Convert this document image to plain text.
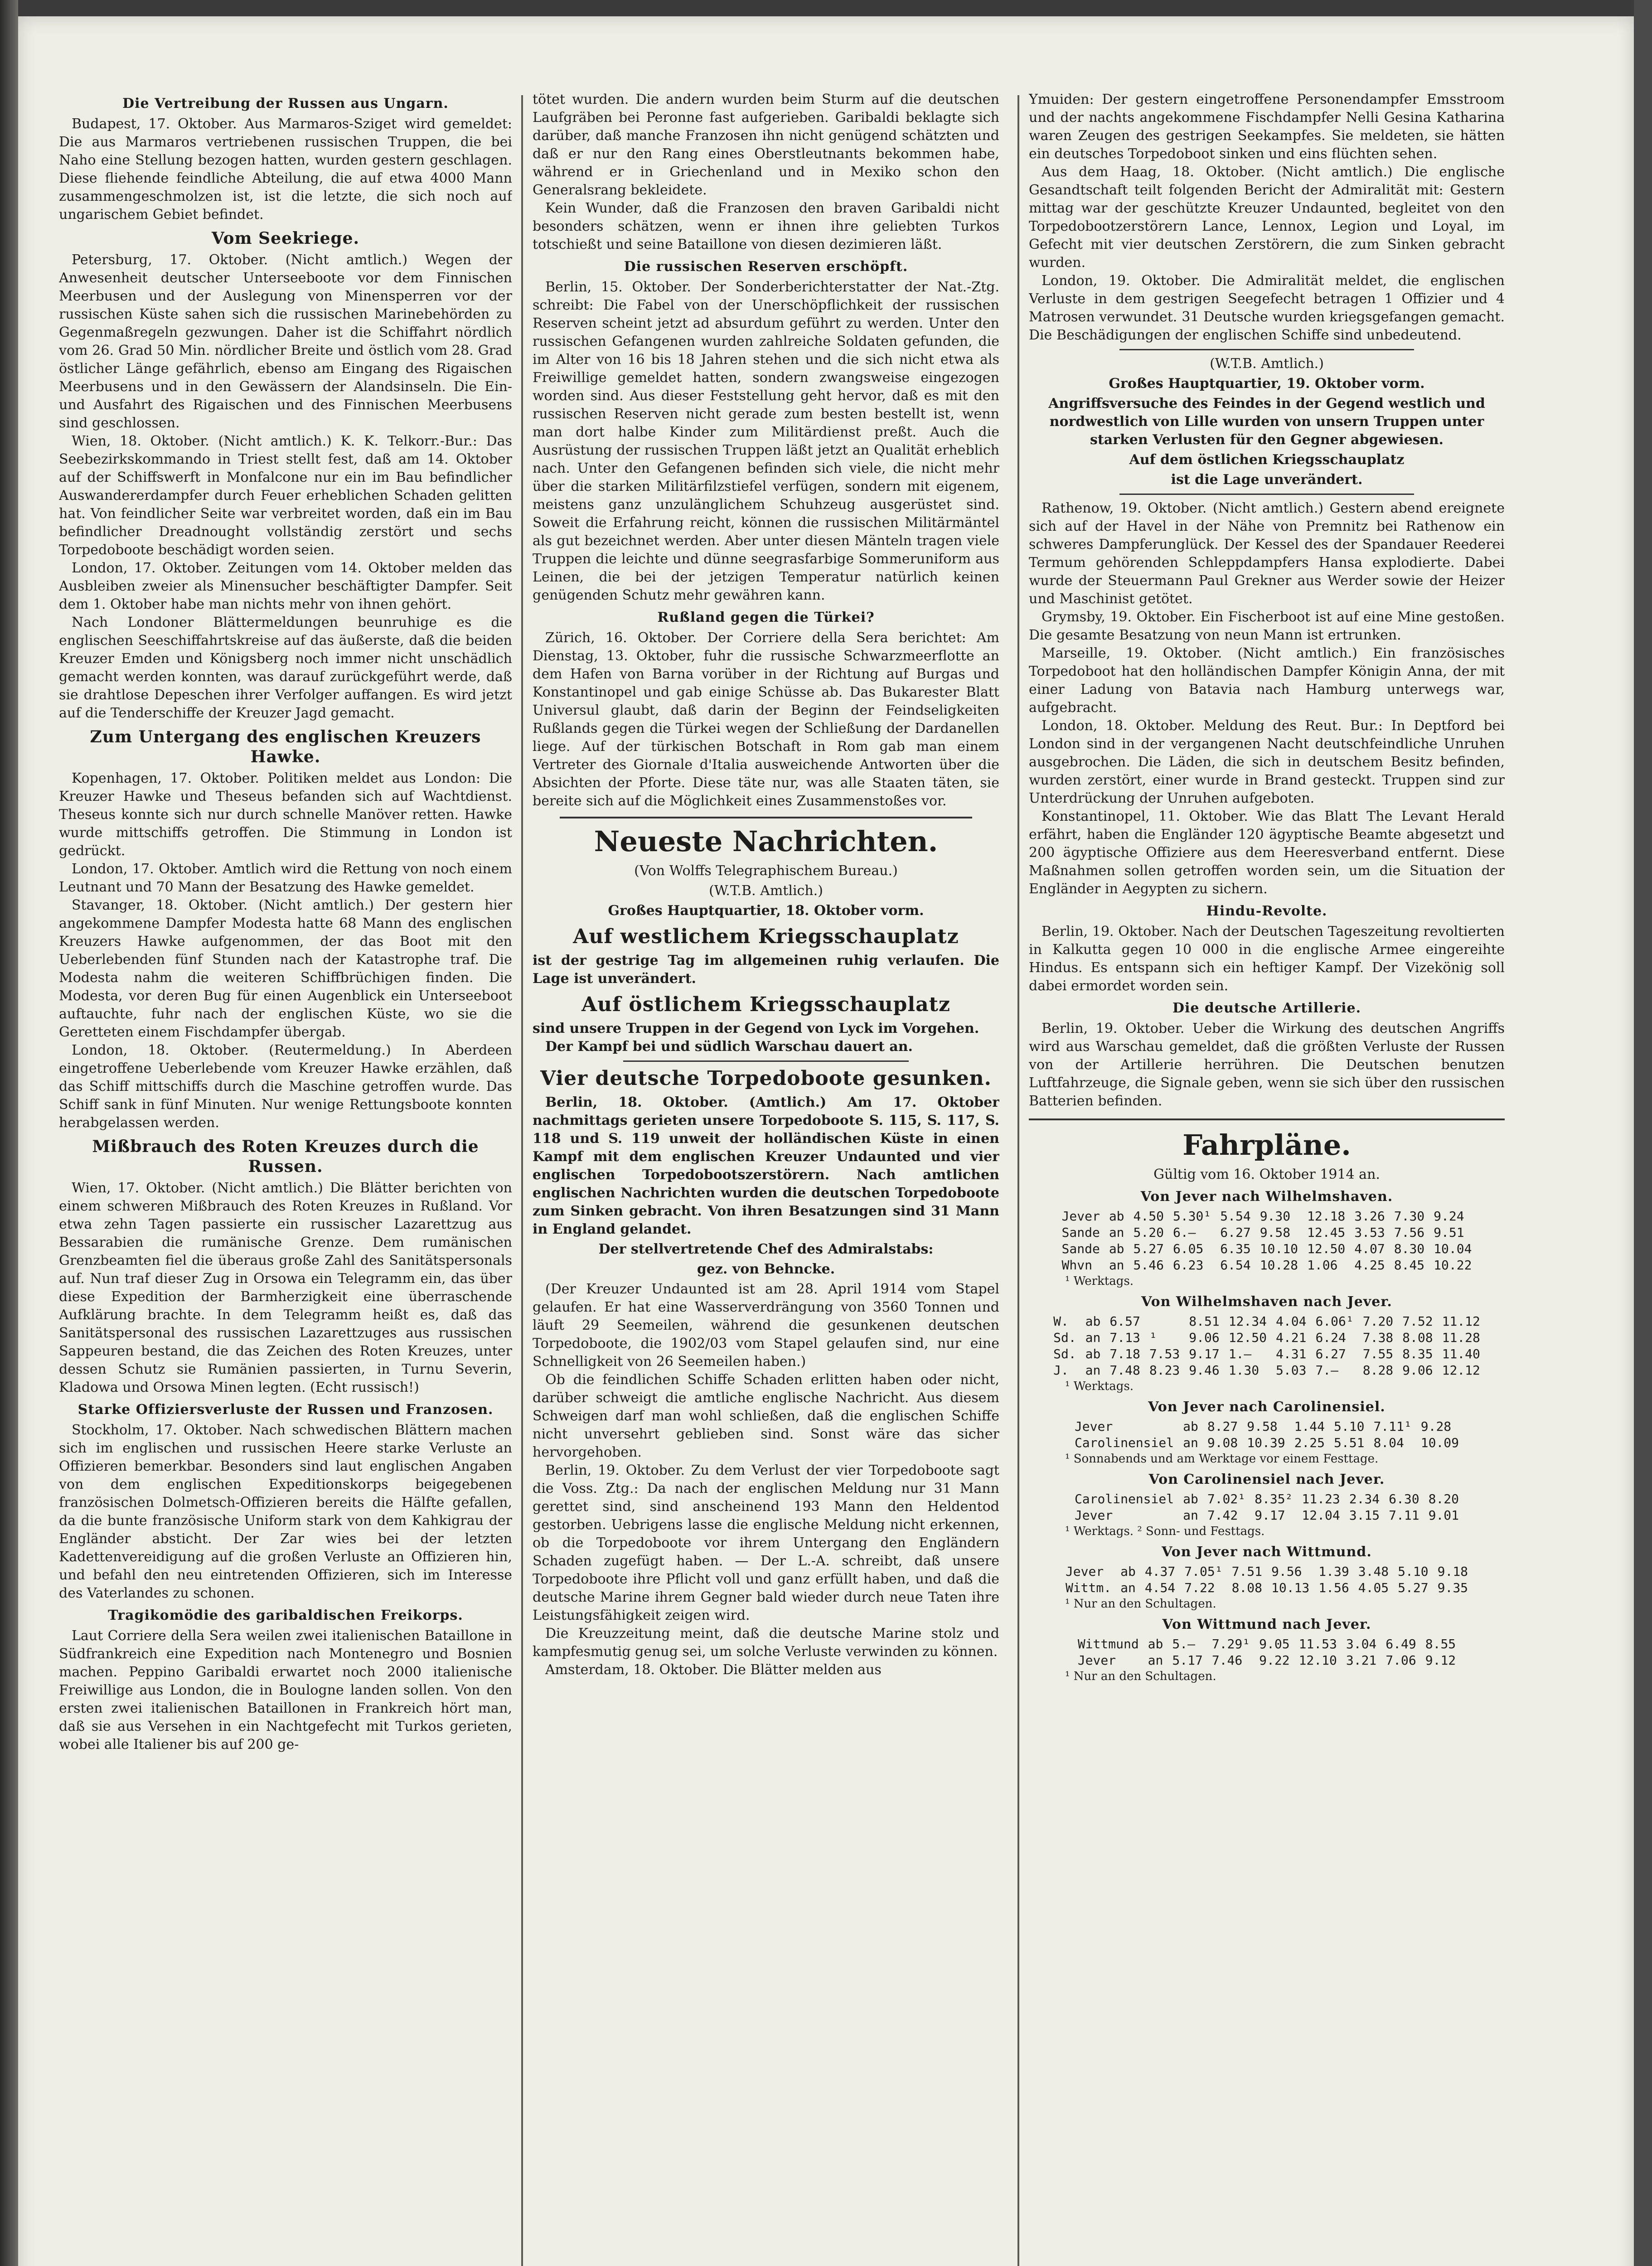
Die Vertreibung der Russen aus Ungarn.

Budapest, 17. Oktober. Aus Marmaros-Sziget wird gemeldet: Die aus Marmaros vertriebenen russischen Truppen, die bei Naho eine Stellung bezogen hatten, wurden gestern geschlagen. Diese fliehende feindliche Abteilung, die auf etwa 4000 Mann zusammengeschmolzen ist, ist die letzte, die sich noch auf ungarischem Gebiet befindet.

Vom Seekriege.

Petersburg, 17. Oktober. (Nicht amtlich.) Wegen der Anwesenheit deutscher Unterseeboote vor dem Finnischen Meerbusen und der Auslegung von Minensperren vor der russischen Küste sahen sich die russischen Marinebehörden zu Gegenmaßregeln gezwungen. Daher ist die Schiffahrt nördlich vom 26. Grad 50 Min. nördlicher Breite und östlich vom 28. Grad östlicher Länge gefährlich, ebenso am Eingang des Rigaischen Meerbusens und in den Gewässern der Alandsinseln. Die Ein- und Ausfahrt des Rigaischen und des Finnischen Meerbusens sind geschlossen.

Wien, 18. Oktober. (Nicht amtlich.) K. K. Telkorr.-Bur.: Das Seebezirkskommando in Triest stellt fest, daß am 14. Oktober auf der Schiffswerft in Monfalcone nur ein im Bau befindlicher Auswandererdampfer durch Feuer erheblichen Schaden gelitten hat. Von feindlicher Seite war verbreitet worden, daß ein im Bau befindlicher Dreadnought vollständig zerstört und sechs Torpedoboote beschädigt worden seien.

London, 17. Oktober. Zeitungen vom 14. Oktober melden das Ausbleiben zweier als Minensucher beschäftigter Dampfer. Seit dem 1. Oktober habe man nichts mehr von ihnen gehört.

Nach Londoner Blättermeldungen beunruhige es die englischen Seeschiffahrtskreise auf das äußerste, daß die beiden Kreuzer Emden und Königsberg noch immer nicht unschädlich gemacht werden konnten, was darauf zurückgeführt werde, daß sie drahtlose Depeschen ihrer Verfolger auffangen. Es wird jetzt auf die Tenderschiffe der Kreuzer Jagd gemacht.

Zum Untergang des englischen Kreuzers Hawke.

Kopenhagen, 17. Oktober. Politiken meldet aus London: Die Kreuzer Hawke und Theseus befanden sich auf Wachtdienst. Theseus konnte sich nur durch schnelle Manöver retten. Hawke wurde mittschiffs getroffen. Die Stimmung in London ist gedrückt.

London, 17. Oktober. Amtlich wird die Rettung von noch einem Leutnant und 70 Mann der Besatzung des Hawke gemeldet.

Stavanger, 18. Oktober. (Nicht amtlich.) Der gestern hier angekommene Dampfer Modesta hatte 68 Mann des englischen Kreuzers Hawke aufgenommen, der das Boot mit den Ueberlebenden fünf Stunden nach der Katastrophe traf. Die Modesta nahm die weiteren Schiffbrüchigen finden. Die Modesta, vor deren Bug für einen Augenblick ein Unterseeboot auftauchte, fuhr nach der englischen Küste, wo sie die Geretteten einem Fischdampfer übergab.

London, 18. Oktober. (Reutermeldung.) In Aberdeen eingetroffene Ueberlebende vom Kreuzer Hawke erzählen, daß das Schiff mittschiffs durch die Maschine getroffen wurde. Das Schiff sank in fünf Minuten. Nur wenige Rettungsboote konnten herabgelassen werden.

Mißbrauch des Roten Kreuzes durch die Russen.

Wien, 17. Oktober. (Nicht amtlich.) Die Blätter berichten von einem schweren Mißbrauch des Roten Kreuzes in Rußland. Vor etwa zehn Tagen passierte ein russischer Lazarettzug aus Bessarabien die rumänische Grenze. Dem rumänischen Grenzbeamten fiel die überaus große Zahl des Sanitätspersonals auf. Nun traf dieser Zug in Orsowa ein Telegramm ein, das über diese Expedition der Barmherzigkeit eine überraschende Aufklärung brachte. In dem Telegramm heißt es, daß das Sanitätspersonal des russischen Lazarettzuges aus russischen Sappeuren bestand, die das Zeichen des Roten Kreuzes, unter dessen Schutz sie Rumänien passierten, in Turnu Severin, Kladowa und Orsowa Minen legten. (Echt russisch!)

Starke Offiziersverluste der Russen und Franzosen.

Stockholm, 17. Oktober. Nach schwedischen Blättern machen sich im englischen und russischen Heere starke Verluste an Offizieren bemerkbar. Besonders sind laut englischen Angaben von dem englischen Expeditionskorps beigegebenen französischen Dolmetsch-Offizieren bereits die Hälfte gefallen, da die bunte französische Uniform stark von dem Kahkigrau der Engländer absticht. Der Zar wies bei der letzten Kadettenvereidigung auf die großen Verluste an Offizieren hin, und befahl den neu eintretenden Offizieren, sich im Interesse des Vaterlandes zu schonen.

Tragikomödie des garibaldischen Freikorps.

Laut Corriere della Sera weilen zwei italienischen Bataillone in Südfrankreich eine Expedition nach Montenegro und Bosnien machen. Peppino Garibaldi erwartet noch 2000 italienische Freiwillige aus London, die in Boulogne landen sollen. Von den ersten zwei italienischen Bataillonen in Frankreich hört man, daß sie aus Versehen in ein Nachtgefecht mit Turkos gerieten, wobei alle Italiener bis auf 200 ge-

tötet wurden. Die andern wurden beim Sturm auf die deutschen Laufgräben bei Peronne fast aufgerieben. Garibaldi beklagte sich darüber, daß manche Franzosen ihn nicht genügend schätzten und daß er nur den Rang eines Oberstleutnants bekommen habe, während er in Griechenland und in Mexiko schon den Generalsrang bekleidete.

Kein Wunder, daß die Franzosen den braven Garibaldi nicht besonders schätzen, wenn er ihnen ihre geliebten Turkos totschießt und seine Bataillone von diesen dezimieren läßt.

Die russischen Reserven erschöpft.

Berlin, 15. Oktober. Der Sonderberichterstatter der Nat.-Ztg. schreibt: Die Fabel von der Unerschöpflichkeit der russischen Reserven scheint jetzt ad absurdum geführt zu werden. Unter den russischen Gefangenen wurden zahlreiche Soldaten gefunden, die im Alter von 16 bis 18 Jahren stehen und die sich nicht etwa als Freiwillige gemeldet hatten, sondern zwangsweise eingezogen worden sind. Aus dieser Feststellung geht hervor, daß es mit den russischen Reserven nicht gerade zum besten bestellt ist, wenn man dort halbe Kinder zum Militärdienst preßt. Auch die Ausrüstung der russischen Truppen läßt jetzt an Qualität erheblich nach. Unter den Gefangenen befinden sich viele, die nicht mehr über die starken Militärfilzstiefel verfügen, sondern mit eigenem, meistens ganz unzulänglichem Schuhzeug ausgerüstet sind. Soweit die Erfahrung reicht, können die russischen Militärmäntel als gut bezeichnet werden. Aber unter diesen Mänteln tragen viele Truppen die leichte und dünne seegrasfarbige Sommeruniform aus Leinen, die bei der jetzigen Temperatur natürlich keinen genügenden Schutz mehr gewähren kann.

Rußland gegen die Türkei?

Zürich, 16. Oktober. Der Corriere della Sera berichtet: Am Dienstag, 13. Oktober, fuhr die russische Schwarzmeerflotte an dem Hafen von Barna vorüber in der Richtung auf Burgas und Konstantinopel und gab einige Schüsse ab. Das Bukarester Blatt Universul glaubt, daß darin der Beginn der Feindseligkeiten Rußlands gegen die Türkei wegen der Schließung der Dardanellen liege. Auf der türkischen Botschaft in Rom gab man einem Vertreter des Giornale d'Italia ausweichende Antworten über die Absichten der Pforte. Diese täte nur, was alle Staaten täten, sie bereite sich auf die Möglichkeit eines Zusammenstoßes vor.

Neueste Nachrichten.
(Von Wolffs Telegraphischem Bureau.)
(W.T.B. Amtlich.)
Großes Hauptquartier, 18. Oktober vorm.
Auf westlichem Kriegsschauplatz

ist der gestrige Tag im allgemeinen ruhig verlaufen. Die Lage ist unverändert.

Auf östlichem Kriegsschauplatz

sind unsere Truppen in der Gegend von Lyck im Vorgehen.

Der Kampf bei und südlich Warschau dauert an.

Vier deutsche Torpedoboote gesunken.

Berlin, 18. Oktober. (Amtlich.) Am 17. Oktober nachmittags gerieten unsere Torpedoboote S. 115, S. 117, S. 118 und S. 119 unweit der holländischen Küste in einen Kampf mit dem englischen Kreuzer Undaunted und vier englischen Torpedobootszerstörern. Nach amtlichen englischen Nachrichten wurden die deutschen Torpedoboote zum Sinken gebracht. Von ihren Besatzungen sind 31 Mann in England gelandet.

Der stellvertretende Chef des Admiralstabs:
gez. von Behncke.

(Der Kreuzer Undaunted ist am 28. April 1914 vom Stapel gelaufen. Er hat eine Wasserverdrängung von 3560 Tonnen und läuft 29 Seemeilen, während die gesunkenen deutschen Torpedoboote, die 1902/03 vom Stapel gelaufen sind, nur eine Schnelligkeit von 26 Seemeilen haben.)

Ob die feindlichen Schiffe Schaden erlitten haben oder nicht, darüber schweigt die amtliche englische Nachricht. Aus diesem Schweigen darf man wohl schließen, daß die englischen Schiffe nicht unversehrt geblieben sind. Sonst wäre das sicher hervorgehoben.

Berlin, 19. Oktober. Zu dem Verlust der vier Torpedoboote sagt die Voss. Ztg.: Da nach der englischen Meldung nur 31 Mann gerettet sind, sind anscheinend 193 Mann den Heldentod gestorben. Uebrigens lasse die englische Meldung nicht erkennen, ob die Torpedoboote vor ihrem Untergang den Engländern Schaden zugefügt haben. — Der L.-A. schreibt, daß unsere Torpedoboote ihre Pflicht voll und ganz erfüllt haben, und daß die deutsche Marine ihrem Gegner bald wieder durch neue Taten ihre Leistungsfähigkeit zeigen wird.

Die Kreuzzeitung meint, daß die deutsche Marine stolz und kampfesmutig genug sei, um solche Verluste verwinden zu können.

Amsterdam, 18. Oktober. Die Blätter melden aus

Ymuiden: Der gestern eingetroffene Personendampfer Emsstroom und der nachts angekommene Fischdampfer Nelli Gesina Katharina waren Zeugen des gestrigen Seekampfes. Sie meldeten, sie hätten ein deutsches Torpedoboot sinken und eins flüchten sehen.

Aus dem Haag, 18. Oktober. (Nicht amtlich.) Die englische Gesandtschaft teilt folgenden Bericht der Admiralität mit: Gestern mittag war der geschützte Kreuzer Undaunted, begleitet von den Torpedobootzerstörern Lance, Lennox, Legion und Loyal, im Gefecht mit vier deutschen Zerstörern, die zum Sinken gebracht wurden.

London, 19. Oktober. Die Admiralität meldet, die englischen Verluste in dem gestrigen Seegefecht betragen 1 Offizier und 4 Matrosen verwundet. 31 Deutsche wurden kriegsgefangen gemacht. Die Beschädigungen der englischen Schiffe sind unbedeutend.

(W.T.B. Amtlich.)
Großes Hauptquartier, 19. Oktober vorm.

Angriffsversuche des Feindes in der Gegend westlich und nordwestlich von Lille wurden von unsern Truppen unter starken Verlusten für den Gegner abgewiesen.

Auf dem östlichen Kriegsschauplatz
ist die Lage unverändert.

Rathenow, 19. Oktober. (Nicht amtlich.) Gestern abend ereignete sich auf der Havel in der Nähe von Premnitz bei Rathenow ein schweres Dampferunglück. Der Kessel des der Spandauer Reederei Termum gehörenden Schleppdampfers Hansa explodierte. Dabei wurde der Steuermann Paul Grekner aus Werder sowie der Heizer und Maschinist getötet.

Grymsby, 19. Oktober. Ein Fischerboot ist auf eine Mine gestoßen. Die gesamte Besatzung von neun Mann ist ertrunken.

Marseille, 19. Oktober. (Nicht amtlich.) Ein französisches Torpedoboot hat den holländischen Dampfer Königin Anna, der mit einer Ladung von Batavia nach Hamburg unterwegs war, aufgebracht.

London, 18. Oktober. Meldung des Reut. Bur.: In Deptford bei London sind in der vergangenen Nacht deutschfeindliche Unruhen ausgebrochen. Die Läden, die sich in deutschem Besitz befinden, wurden zerstört, einer wurde in Brand gesteckt. Truppen sind zur Unterdrückung der Unruhen aufgeboten.

Konstantinopel, 11. Oktober. Wie das Blatt The Levant Herald erfährt, haben die Engländer 120 ägyptische Beamte abgesetzt und 200 ägyptische Offiziere aus dem Heeresverband entfernt. Diese Maßnahmen sollen getroffen worden sein, um die Situation der Engländer in Aegypten zu sichern.

Hindu-Revolte.

Berlin, 19. Oktober. Nach der Deutschen Tageszeitung revoltierten in Kalkutta gegen 10 000 in die englische Armee eingereihte Hindus. Es entspann sich ein heftiger Kampf. Der Vizekönig soll dabei ermordet worden sein.

Die deutsche Artillerie.

Berlin, 19. Oktober. Ueber die Wirkung des deutschen Angriffs wird aus Warschau gemeldet, daß die größten Verluste der Russen von der Artillerie herrühren. Die Deutschen benutzen Luftfahrzeuge, die Signale geben, wenn sie sich über den russischen Batterien befinden.

Fahrpläne.
Gültig vom 16. Oktober 1914 an.
Von Jever nach Wilhelmshaven.
Jever	ab	4.50	5.30¹	5.54	9.30	12.18	3.26	7.30	9.24
Sande	an	5.20	6.—	6.27	9.58	12.45	3.53	7.56	9.51
Sande	ab	5.27	6.05	6.35	10.10	12.50	4.07	8.30	10.04
Whvn	an	5.46	6.23	6.54	10.28	1.06	4.25	8.45	10.22
¹ Werktags.
Von Wilhelmshaven nach Jever.
W.	ab	6.57		8.51	12.34	4.04	6.06¹	7.20	7.52	11.12
Sd.	an	7.13	¹	9.06	12.50	4.21	6.24	7.38	8.08	11.28
Sd.	ab	7.18	7.53	9.17	1.—	4.31	6.27	7.55	8.35	11.40
J.	an	7.48	8.23	9.46	1.30	5.03	7.—	8.28	9.06	12.12
¹ Werktags.
Von Jever nach Carolinensiel.
Jever	ab	8.27	9.58	1.44	5.10	7.11¹	9.28
Carolinensiel	an	9.08	10.39	2.25	5.51	8.04	10.09
¹ Sonnabends und am Werktage vor einem Festtage.
Von Carolinensiel nach Jever.
Carolinensiel	ab	7.02¹	8.35²	11.23	2.34	6.30	8.20
Jever	an	7.42	9.17	12.04	3.15	7.11	9.01
¹ Werktags. ² Sonn- und Festtags.
Von Jever nach Wittmund.
Jever	ab	4.37	7.05¹	7.51	9.56	1.39	3.48	5.10	9.18
Wittm.	an	4.54	7.22	8.08	10.13	1.56	4.05	5.27	9.35
¹ Nur an den Schultagen.
Von Wittmund nach Jever.
Wittmund	ab	5.—	7.29¹	9.05	11.53	3.04	6.49	8.55
Jever	an	5.17	7.46	9.22	12.10	3.21	7.06	9.12
¹ Nur an den Schultagen.
